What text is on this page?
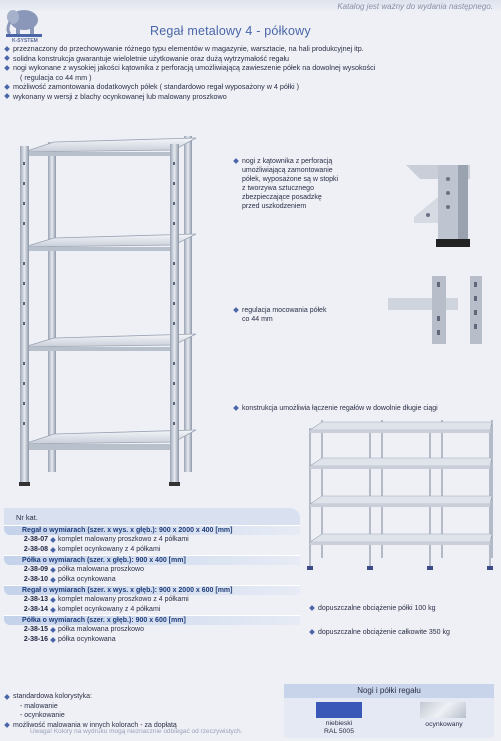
Katalog jest ważny do wydania następnego.
K-SYSTEM
Regał metalowy 4 - półkowy
przeznaczony do przechowywanie różnego typu elementów w magazynie, warsztacie, na hali produkcyjnej itp.
solidna konstrukcja gwarantuje wieloletnie użytkowanie oraz dużą wytrzymałość regału
nogi wykonane z wysokiej jakości kątownika z perforacją umożliwiającą zawieszenie półek na dowolnej wysokości
( regulacja co 44 mm )
możliwość zamontowania dodatkowych półek ( standardowo regał wyposażony w 4 półki )
wykonany w wersji z blachy ocynkowanej lub malowany proszkowo
nogi z kątownika z perforacją
umożliwiającą zamontowanie
półek, wyposażone są w stopki
z tworzywa sztucznego
zbezpieczające posadzkę
przed uszkodzeniem
regulacja mocowania półek
co 44 mm
konstrukcja umożliwia łączenie regałów w dowolnie długie ciągi
Nr kat.
Regał o wymiarach (szer. x wys. x głęb.): 900 x 2000 x 400 [mm]
2-38-07 komplet malowany proszkowo z 4 półkami
2-38-08 komplet ocynkowany z 4 półkami
Półka o wymiarach (szer. x głęb.): 900 x 400 [mm]
2-38-09 półka malowana proszkowo
2-38-10 półka ocynkowana
Regał o wymiarach (szer. x wys. x głęb.): 900 x 2000 x 600 [mm]
2-38-13 komplet malowany proszkowo z 4 półkami
2-38-14 komplet ocynkowany z 4 półkami
Półka o wymiarach (szer. x głęb.): 900 x 600 [mm]
2-38-15 półka malowana proszkowo
2-38-16 półka ocynkowana
dopuszczalne obciążenie półki 100 kg
dopuszczalne obciążenie całkowite 350 kg
standardowa kolorystyka:
- malowanie
- ocynkowanie
możliwość malowania w innych kolorach - za dopłatą
Uwaga! Kolory na wydruku mogą nieznacznie odbiegać od rzeczywistych.
Nogi i półki regału
niebieski
RAL 5005
ocynkowany
